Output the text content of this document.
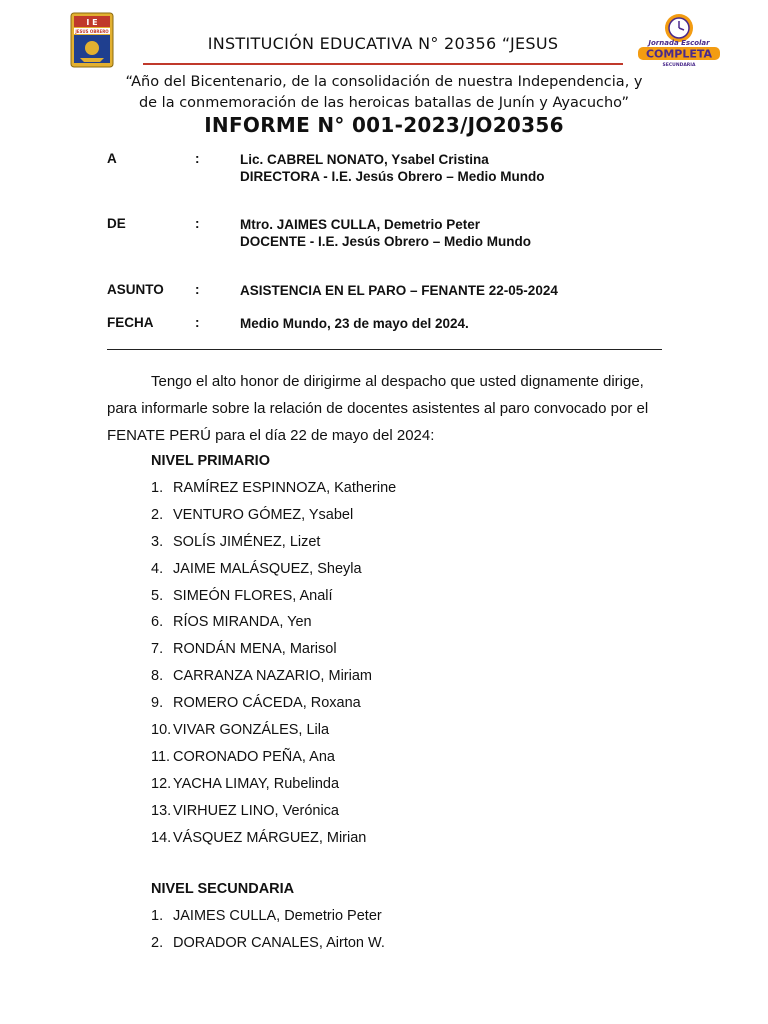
I E
JESUS OBRERO
Jornada Escolar
COMPLETA
SECUNDARIA
INSTITUCIÓN EDUCATIVA N° 20356 “JESUS
“Año del Bicentenario, de la consolidación de nuestra Independencia, y
de la conmemoración de las heroicas batallas de Junín y Ayacucho”
INFORME N° 001-2023/JO20356
A	:	Lic. CABREL NONATO, Ysabel Cristina
DIRECTORA - I.E. Jesús Obrero – Medio Mundo
DE	:	Mtro. JAIMES CULLA, Demetrio Peter
DOCENTE - I.E. Jesús Obrero – Medio Mundo
ASUNTO :	ASISTENCIA EN EL PARO – FENANTE 22-05-2024
FECHA	:	Medio Mundo, 23 de mayo del 2024.
Tengo el alto honor de dirigirme al despacho que usted dignamente dirige,
para informarle sobre la relación de docentes asistentes al paro convocado por el
FENATE PERÚ para el día 22 de mayo del 2024:
NIVEL PRIMARIO
1. RAMÍREZ ESPINNOZA, Katherine
2. VENTURO GÓMEZ, Ysabel
3. SOLÍS JIMÉNEZ, Lizet
4. JAIME MALÁSQUEZ, Sheyla
5. SIMEÓN FLORES, Analí
6. RÍOS MIRANDA, Yen
7. RONDÁN MENA, Marisol
8. CARRANZA NAZARIO, Miriam
9. ROMERO CÁCEDA, Roxana
10. VIVAR GONZÁLES, Lila
11. CORONADO PEÑA, Ana
12. YACHA LIMAY, Rubelinda
13. VIRHUEZ LINO, Verónica
14. VÁSQUEZ MÁRGUEZ, Mirian
NIVEL SECUNDARIA
1. JAIMES CULLA, Demetrio Peter
2. DORADOR CANALES, Airton W.
